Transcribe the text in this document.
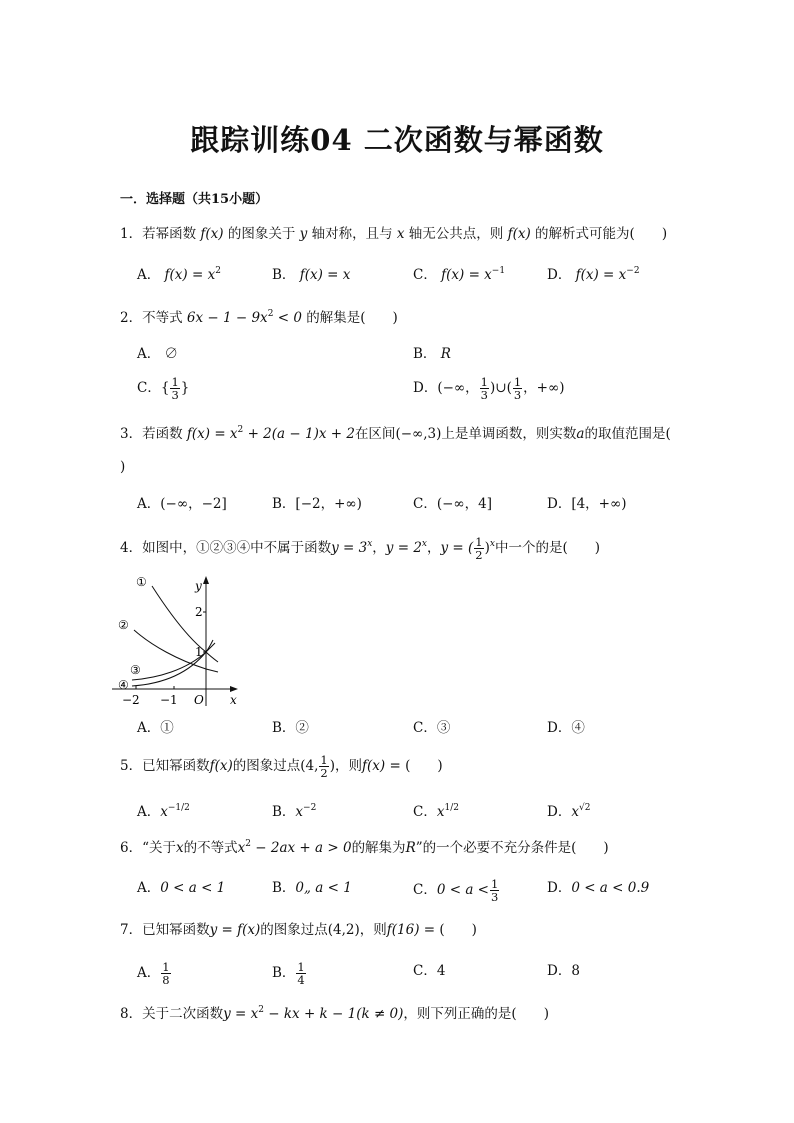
跟踪训练04 二次函数与幂函数
一．选择题（共15小题）
1．若幂函数 f(x) 的图象关于 y 轴对称，且与 x 轴无公共点，则 f(x) 的解析式可能为(　　)
A． $f(x) = x^2$	B． f(x) = x	C． $f(x) = x^{-1}$	D． $f(x) = x^{-2}$
2．不等式 $6x - 1 - 9x^2 < 0$ 的解集是(　　)
A． ∅	B． R
C．{ $\frac{1}{3}$ }	D．(−∞， $\frac{1}{3}$ )∪( $\frac{1}{3}$ ，+∞)
3．若函数 $f(x) = x^2 + 2(a - 1)x + 2$在区间(−∞,3)上是单调函数，则实数a的取值范围是(
)
A．(−∞，−2]	B．[−2，+∞)	C．(−∞，4]	D．[4，+∞)
4．如图中，①②③④中不属于函数$y = 3^x$，$y = 2^x$，y = ( $\frac{1}{2} )^x$中一个的是(　　)
①
②
③
④
y
x
2
1
−2 −1 O
A．①	B．②	C．③	D．④
5．已知幂函数f(x)的图象过点(4, $\frac{1}{2}$ )，则f(x) = (　　)
A．$x^{-1/2}$	B．$x^{-2}$	C．$x^{1/2}$	D．$x^{√2}$
6．“关于x的不等式$x^2 - 2ax + a > 0$的解集为R”的一个必要不充分条件是(　　)
A．0 < a < 1	B．0„ a < 1	C．$0 < a < \frac{1}{3}$	D．0 < a < 0.9
7．已知幂函数y = f(x)的图象过点(4,2)，则f(16) = (　　)
A． $\frac{1}{8}$	B． $\frac{1}{4}$	C．4	D．8
8．关于二次函数$y = x^2$ − kx + k − 1(k ≠ 0)，则下列正确的是(　　)
